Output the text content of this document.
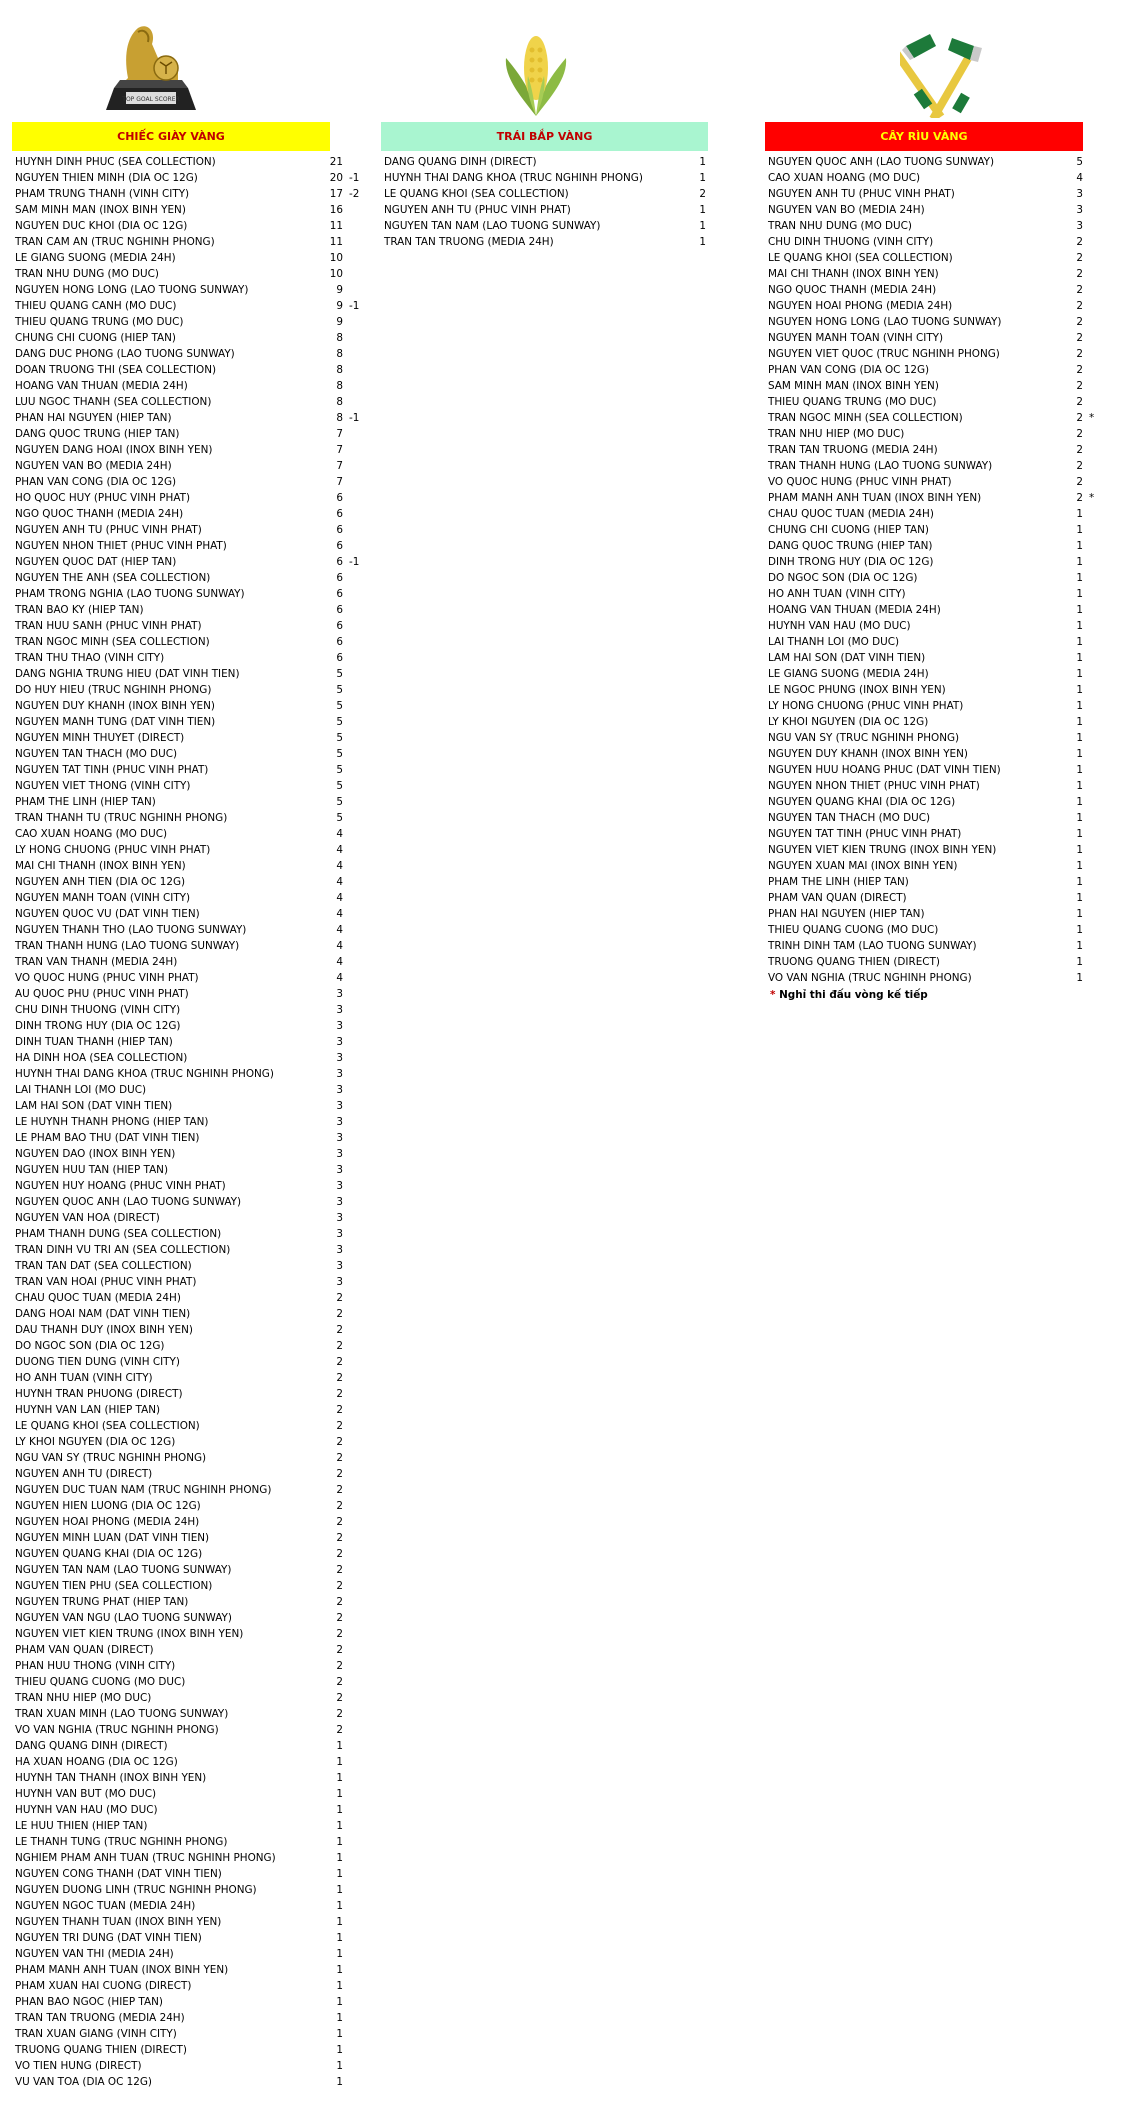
TOP GOAL SCORER
CHIẾC GIÀY VÀNG	TRÁI BẮP VÀNG	CÂY RÌU VÀNG
HUYNH DINH PHUC (SEA COLLECTION)	21
NGUYEN THIEN MINH (DIA OC 12G)	20 -1
PHAM TRUNG THANH (VINH CITY)	17 -2
SAM MINH MAN (INOX BINH YEN)	16
NGUYEN DUC KHOI (DIA OC 12G)	11
TRAN CAM AN (TRUC NGHINH PHONG)	11
LE GIANG SUONG (MEDIA 24H)	10
TRAN NHU DUNG (MO DUC)	10
NGUYEN HONG LONG (LAO TUONG SUNWAY)	9
THIEU QUANG CANH (MO DUC)	9 -1
THIEU QUANG TRUNG (MO DUC)	9
CHUNG CHI CUONG (HIEP TAN)	8
DANG DUC PHONG (LAO TUONG SUNWAY)	8
DOAN TRUONG THI (SEA COLLECTION)	8
HOANG VAN THUAN (MEDIA 24H)	8
LUU NGOC THANH (SEA COLLECTION)	8
PHAN HAI NGUYEN (HIEP TAN)	8 -1
DANG QUOC TRUNG (HIEP TAN)	7
NGUYEN DANG HOAI (INOX BINH YEN)	7
NGUYEN VAN BO (MEDIA 24H)	7
PHAN VAN CONG (DIA OC 12G)	7
HO QUOC HUY (PHUC VINH PHAT)	6
NGO QUOC THANH (MEDIA 24H)	6
NGUYEN ANH TU (PHUC VINH PHAT)	6
NGUYEN NHON THIET (PHUC VINH PHAT)	6
NGUYEN QUOC DAT (HIEP TAN)	6 -1
NGUYEN THE ANH (SEA COLLECTION)	6
PHAM TRONG NGHIA (LAO TUONG SUNWAY)	6
TRAN BAO KY (HIEP TAN)	6
TRAN HUU SANH (PHUC VINH PHAT)	6
TRAN NGOC MINH (SEA COLLECTION)	6
TRAN THU THAO (VINH CITY)	6
DANG NGHIA TRUNG HIEU (DAT VINH TIEN)	5
DO HUY HIEU (TRUC NGHINH PHONG)	5
NGUYEN DUY KHANH (INOX BINH YEN)	5
NGUYEN MANH TUNG (DAT VINH TIEN)	5
NGUYEN MINH THUYET (DIRECT)	5
NGUYEN TAN THACH (MO DUC)	5
NGUYEN TAT TINH (PHUC VINH PHAT)	5
NGUYEN VIET THONG (VINH CITY)	5
PHAM THE LINH (HIEP TAN)	5
TRAN THANH TU (TRUC NGHINH PHONG)	5
CAO XUAN HOANG (MO DUC)	4
LY HONG CHUONG (PHUC VINH PHAT)	4
MAI CHI THANH (INOX BINH YEN)	4
NGUYEN ANH TIEN (DIA OC 12G)	4
NGUYEN MANH TOAN (VINH CITY)	4
NGUYEN QUOC VU (DAT VINH TIEN)	4
NGUYEN THANH THO (LAO TUONG SUNWAY)	4
TRAN THANH HUNG (LAO TUONG SUNWAY)	4
TRAN VAN THANH (MEDIA 24H)	4
VO QUOC HUNG (PHUC VINH PHAT)	4
AU QUOC PHU (PHUC VINH PHAT)	3
CHU DINH THUONG (VINH CITY)	3
DINH TRONG HUY (DIA OC 12G)	3
DINH TUAN THANH (HIEP TAN)	3
HA DINH HOA (SEA COLLECTION)	3
HUYNH THAI DANG KHOA (TRUC NGHINH PHONG)	3
LAI THANH LOI (MO DUC)	3
LAM HAI SON (DAT VINH TIEN)	3
LE HUYNH THANH PHONG (HIEP TAN)	3
LE PHAM BAO THU (DAT VINH TIEN)	3
NGUYEN DAO (INOX BINH YEN)	3
NGUYEN HUU TAN (HIEP TAN)	3
NGUYEN HUY HOANG (PHUC VINH PHAT)	3
NGUYEN QUOC ANH (LAO TUONG SUNWAY)	3
NGUYEN VAN HOA (DIRECT)	3
PHAM THANH DUNG (SEA COLLECTION)	3
TRAN DINH VU TRI AN (SEA COLLECTION)	3
TRAN TAN DAT (SEA COLLECTION)	3
TRAN VAN HOAI (PHUC VINH PHAT)	3
CHAU QUOC TUAN (MEDIA 24H)	2
DANG HOAI NAM (DAT VINH TIEN)	2
DAU THANH DUY (INOX BINH YEN)	2
DO NGOC SON (DIA OC 12G)	2
DUONG TIEN DUNG (VINH CITY)	2
HO ANH TUAN (VINH CITY)	2
HUYNH TRAN PHUONG (DIRECT)	2
HUYNH VAN LAN (HIEP TAN)	2
LE QUANG KHOI (SEA COLLECTION)	2
LY KHOI NGUYEN (DIA OC 12G)	2
NGU VAN SY (TRUC NGHINH PHONG)	2
NGUYEN ANH TU (DIRECT)	2
NGUYEN DUC TUAN NAM (TRUC NGHINH PHONG)	2
NGUYEN HIEN LUONG (DIA OC 12G)	2
NGUYEN HOAI PHONG (MEDIA 24H)	2
NGUYEN MINH LUAN (DAT VINH TIEN)	2
NGUYEN QUANG KHAI (DIA OC 12G)	2
NGUYEN TAN NAM (LAO TUONG SUNWAY)	2
NGUYEN TIEN PHU (SEA COLLECTION)	2
NGUYEN TRUNG PHAT (HIEP TAN)	2
NGUYEN VAN NGU (LAO TUONG SUNWAY)	2
NGUYEN VIET KIEN TRUNG (INOX BINH YEN)	2
PHAM VAN QUAN (DIRECT)	2
PHAN HUU THONG (VINH CITY)	2
THIEU QUANG CUONG (MO DUC)	2
TRAN NHU HIEP (MO DUC)	2
TRAN XUAN MINH (LAO TUONG SUNWAY)	2
VO VAN NGHIA (TRUC NGHINH PHONG)	2
DANG QUANG DINH (DIRECT)	1
HA XUAN HOANG (DIA OC 12G)	1
HUYNH TAN THANH (INOX BINH YEN)	1
HUYNH VAN BUT (MO DUC)	1
HUYNH VAN HAU (MO DUC)	1
LE HUU THIEN (HIEP TAN)	1
LE THANH TUNG (TRUC NGHINH PHONG)	1
NGHIEM PHAM ANH TUAN (TRUC NGHINH PHONG)	1
NGUYEN CONG THANH (DAT VINH TIEN)	1
NGUYEN DUONG LINH (TRUC NGHINH PHONG)	1
NGUYEN NGOC TUAN (MEDIA 24H)	1
NGUYEN THANH TUAN (INOX BINH YEN)	1
NGUYEN TRI DUNG (DAT VINH TIEN)	1
NGUYEN VAN THI (MEDIA 24H)	1
PHAM MANH ANH TUAN (INOX BINH YEN)	1
PHAM XUAN HAI CUONG (DIRECT)	1
PHAN BAO NGOC (HIEP TAN)	1
TRAN TAN TRUONG (MEDIA 24H)	1
TRAN XUAN GIANG (VINH CITY)	1
TRUONG QUANG THIEN (DIRECT)	1
VO TIEN HUNG (DIRECT)	1
VU VAN TOA (DIA OC 12G)	1
DANG QUANG DINH (DIRECT)	1
HUYNH THAI DANG KHOA (TRUC NGHINH PHONG)	1
LE QUANG KHOI (SEA COLLECTION)	2
NGUYEN ANH TU (PHUC VINH PHAT)	1
NGUYEN TAN NAM (LAO TUONG SUNWAY)	1
TRAN TAN TRUONG (MEDIA 24H)	1
NGUYEN QUOC ANH (LAO TUONG SUNWAY)	5
CAO XUAN HOANG (MO DUC)	4
NGUYEN ANH TU (PHUC VINH PHAT)	3
NGUYEN VAN BO (MEDIA 24H)	3
TRAN NHU DUNG (MO DUC)	3
CHU DINH THUONG (VINH CITY)	2
LE QUANG KHOI (SEA COLLECTION)	2
MAI CHI THANH (INOX BINH YEN)	2
NGO QUOC THANH (MEDIA 24H)	2
NGUYEN HOAI PHONG (MEDIA 24H)	2
NGUYEN HONG LONG (LAO TUONG SUNWAY)	2
NGUYEN MANH TOAN (VINH CITY)	2
NGUYEN VIET QUOC (TRUC NGHINH PHONG)	2
PHAN VAN CONG (DIA OC 12G)	2
SAM MINH MAN (INOX BINH YEN)	2
THIEU QUANG TRUNG (MO DUC)	2
TRAN NGOC MINH (SEA COLLECTION)	2 *
TRAN NHU HIEP (MO DUC)	2
TRAN TAN TRUONG (MEDIA 24H)	2
TRAN THANH HUNG (LAO TUONG SUNWAY)	2
VO QUOC HUNG (PHUC VINH PHAT)	2
PHAM MANH ANH TUAN (INOX BINH YEN)	2 *
CHAU QUOC TUAN (MEDIA 24H)	1
CHUNG CHI CUONG (HIEP TAN)	1
DANG QUOC TRUNG (HIEP TAN)	1
DINH TRONG HUY (DIA OC 12G)	1
DO NGOC SON (DIA OC 12G)	1
HO ANH TUAN (VINH CITY)	1
HOANG VAN THUAN (MEDIA 24H)	1
HUYNH VAN HAU (MO DUC)	1
LAI THANH LOI (MO DUC)	1
LAM HAI SON (DAT VINH TIEN)	1
LE GIANG SUONG (MEDIA 24H)	1
LE NGOC PHUNG (INOX BINH YEN)	1
LY HONG CHUONG (PHUC VINH PHAT)	1
LY KHOI NGUYEN (DIA OC 12G)	1
NGU VAN SY (TRUC NGHINH PHONG)	1
NGUYEN DUY KHANH (INOX BINH YEN)	1
NGUYEN HUU HOANG PHUC (DAT VINH TIEN)	1
NGUYEN NHON THIET (PHUC VINH PHAT)	1
NGUYEN QUANG KHAI (DIA OC 12G)	1
NGUYEN TAN THACH (MO DUC)	1
NGUYEN TAT TINH (PHUC VINH PHAT)	1
NGUYEN VIET KIEN TRUNG (INOX BINH YEN)	1
NGUYEN XUAN MAI (INOX BINH YEN)	1
PHAM THE LINH (HIEP TAN)	1
PHAM VAN QUAN (DIRECT)	1
PHAN HAI NGUYEN (HIEP TAN)	1
THIEU QUANG CUONG (MO DUC)	1
TRINH DINH TAM (LAO TUONG SUNWAY)	1
TRUONG QUANG THIEN (DIRECT)	1
VO VAN NGHIA (TRUC NGHINH PHONG)	1
* Nghỉ thi đấu vòng kế tiếp
